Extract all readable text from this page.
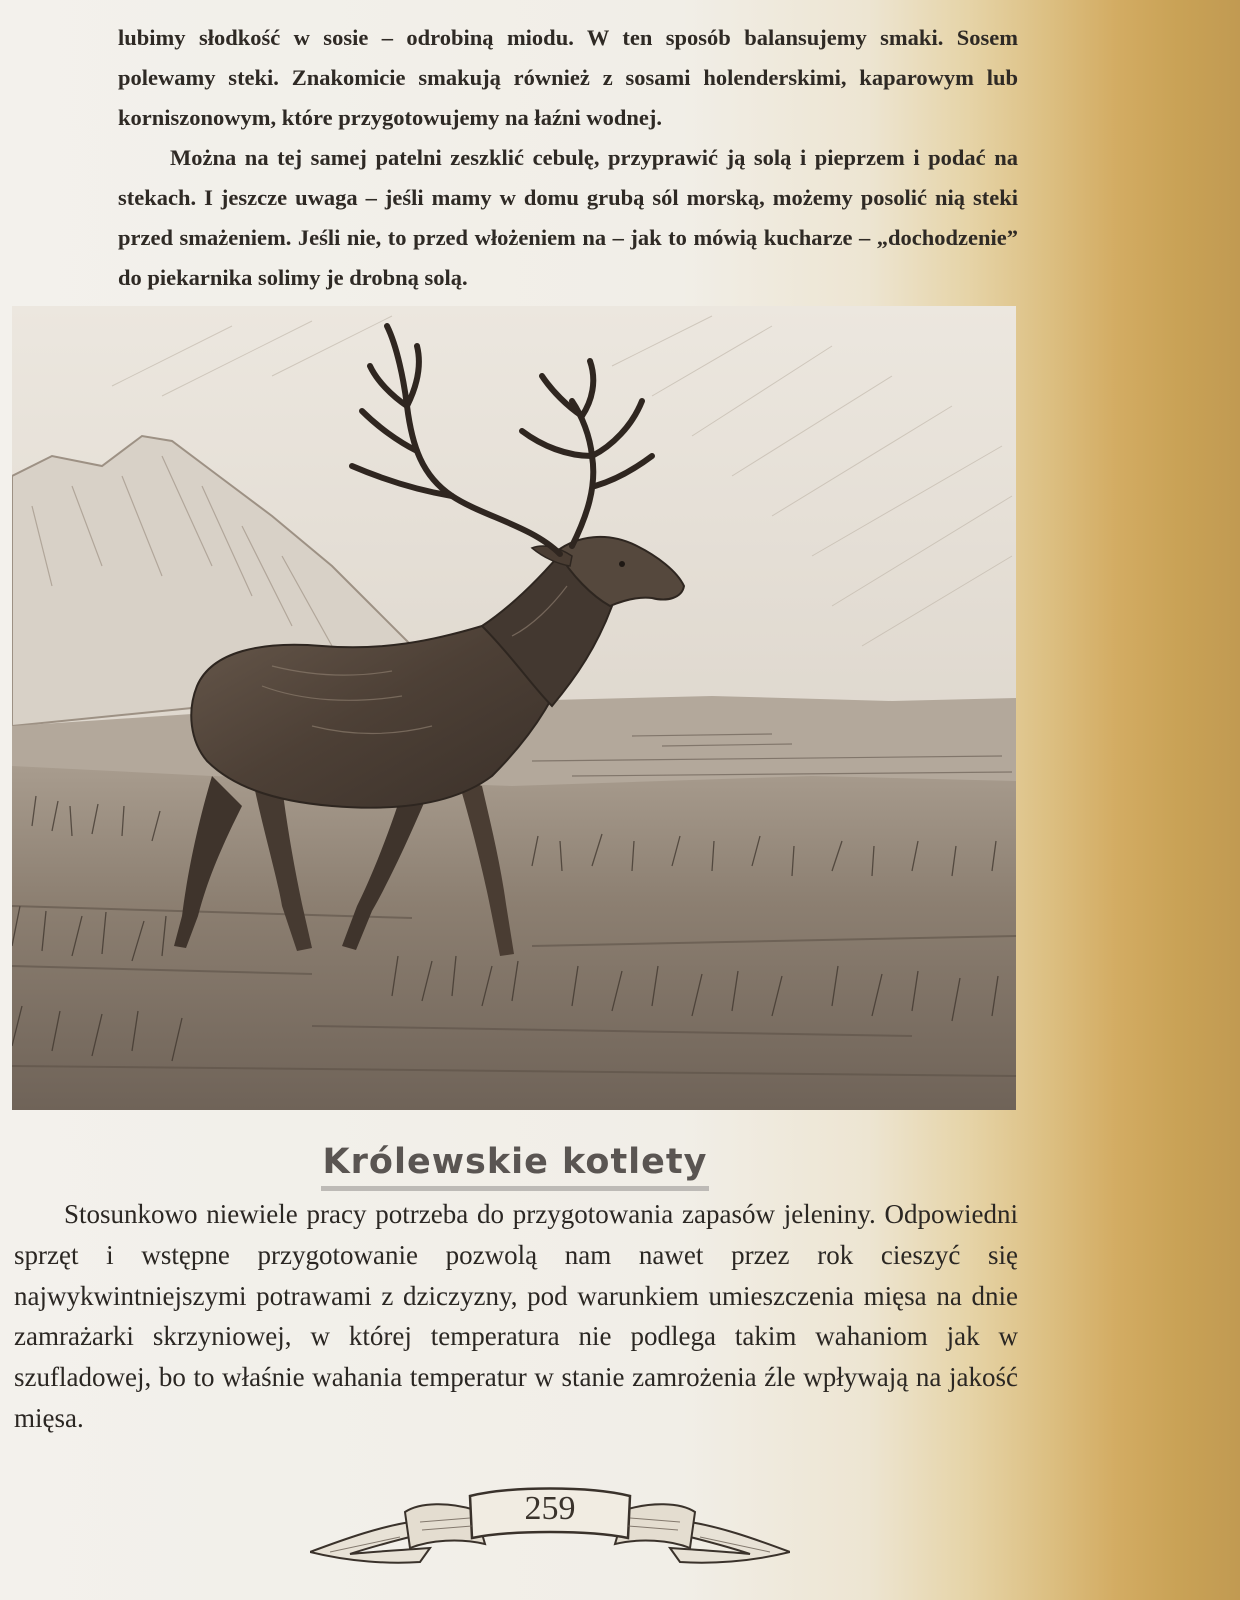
lubimy słodkość w sosie – odrobiną miodu. W ten sposób balansujemy smaki. Sosem polewamy steki. Znakomicie smakują również z sosami holenderskimi, kaparowym lub korniszonowym, które przygotowujemy na łaźni wodnej.

Można na tej samej patelni zeszklić cebulę, przyprawić ją solą i pieprzem i podać na stekach. I jeszcze uwaga – jeśli mamy w domu grubą sól morską, możemy posolić nią steki przed smażeniem. Jeśli nie, to przed włożeniem na – jak to mówią kucharze – „dochodzenie” do piekarnika solimy je drobną solą.

Królewskie kotlety

Stosunkowo niewiele pracy potrzeba do przygotowania zapasów jeleniny. Odpowiedni sprzęt i wstępne przygotowanie pozwolą nam nawet przez rok cieszyć się najwykwintniejszymi potrawami z dziczyzny, pod warunkiem umieszczenia mięsa na dnie zamrażarki skrzyniowej, w której temperatura nie podlega takim wahaniom jak w szufladowej, bo to właśnie wahania temperatur w stanie zamrożenia źle wpływają na jakość mięsa.

259
